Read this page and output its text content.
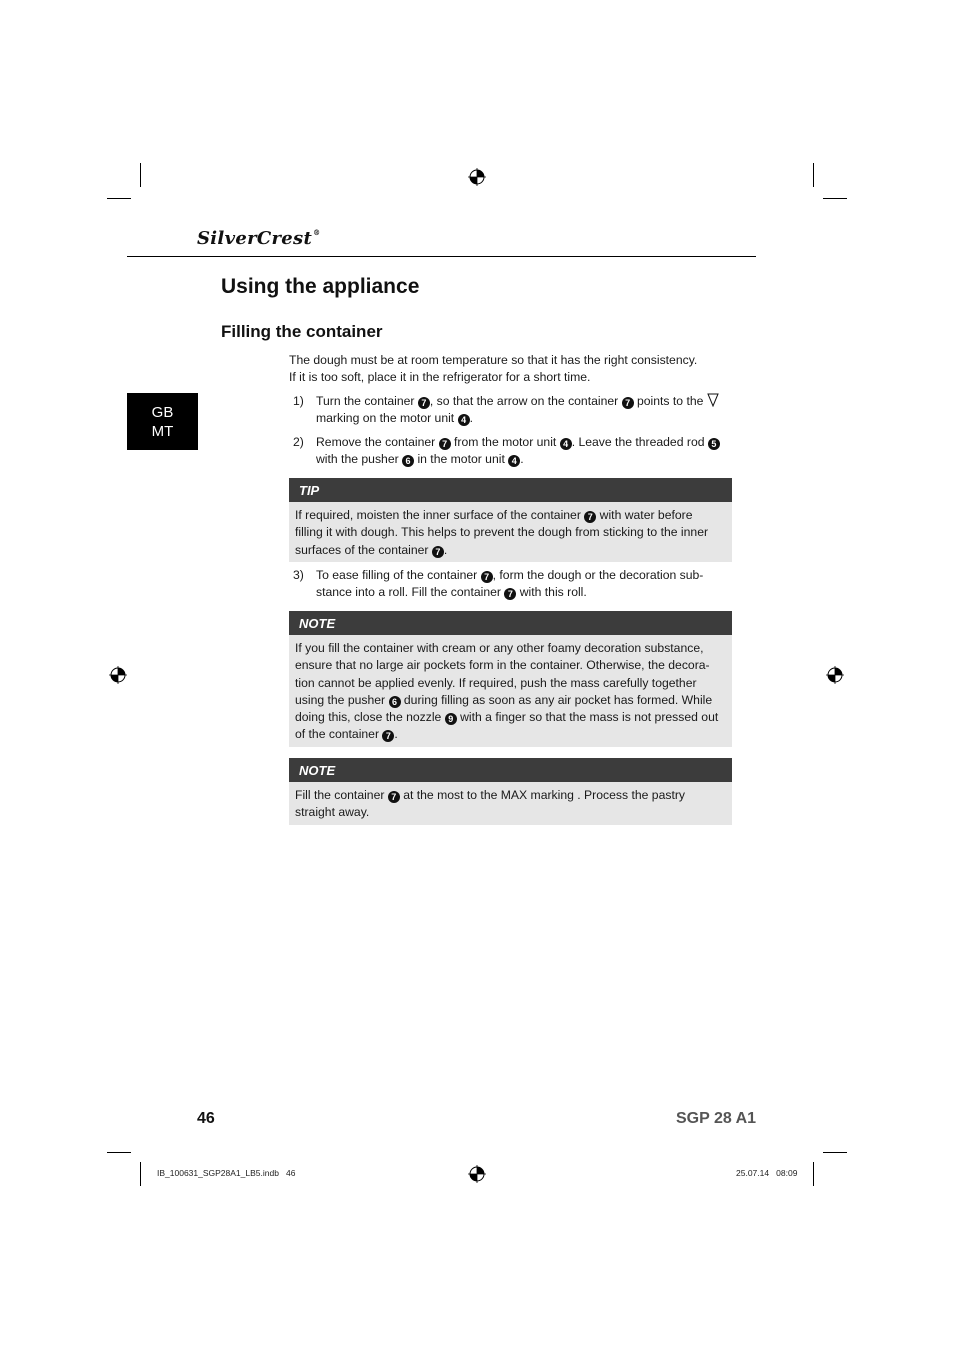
SilverCrest®
Using the appliance
Filling the container
GB
MT
The dough must be at room temperature so that it has the right consistency.
If it is too soft, place it in the refrigerator for a short time.
1) Turn the container 7 , so that the arrow on the container 7 points to the
marking on the motor unit 4 .
2) Remove the container 7 from the motor unit 4 . Leave the threaded rod 5
with the pusher 6 in the motor unit 4 .
TIP
If required, moisten the inner surface of the container 7 with water before
filling it with dough. This helps to prevent the dough from sticking to the inner
surfaces of the container 7 .
3) To ease filling of the container 7 , form the dough or the decoration sub-
stance into a roll. Fill the container 7 with this roll.
NOTE
If you fill the container with cream or any other foamy decoration substance,
ensure that no large air pockets form in the container. Otherwise, the decora-
tion cannot be applied evenly. If required, push the mass carefully together
using the pusher 6 during filling as soon as any air pocket has formed. While
doing this, close the nozzle 9 with a finger so that the mass is not pressed out
of the container 7 .
NOTE
Fill the container 7 at the most to the MAX marking . Process the pastry
straight away.
46	SGP 28 A1
IB_100631_SGP28A1_LB5.indb   46	25.07.14   08:09
